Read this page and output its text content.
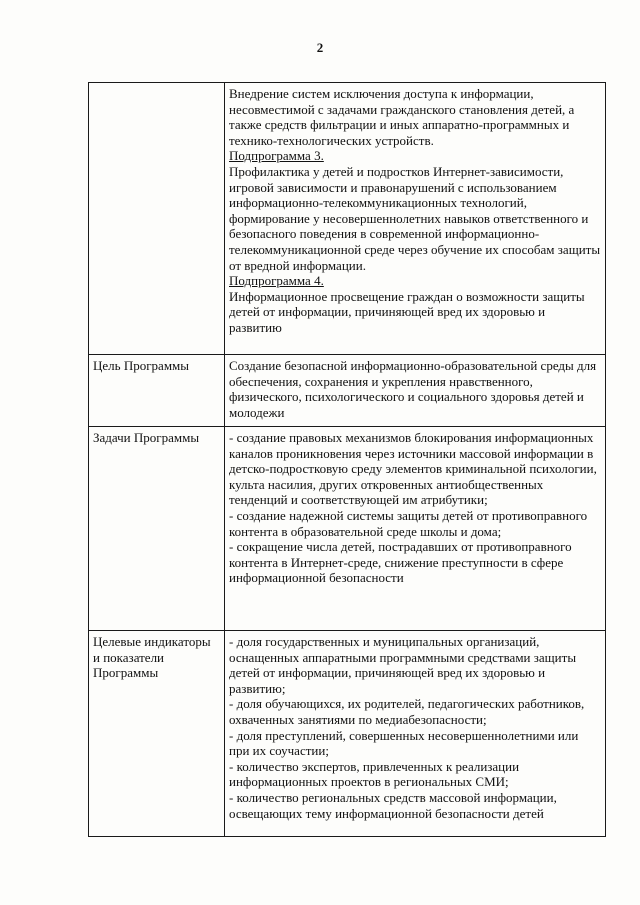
2

	Внедрение систем исключения доступа к информации, несовместимой с задачами гражданского становления детей, а также средств фильтрации и иных аппаратно-программных и технико-технологических устройств.
Подпрограмма 3.
Профилактика у детей и подростков Интернет-зависимости, игровой зависимости и правонарушений с использованием информационно-телекоммуникационных технологий, формирование у несовершеннолетних навыков ответственного и безопасного поведения в современной информационно-телекоммуникационной среде через обучение их способам защиты от вредной информации.
Подпрограмма 4.
Информационное просвещение граждан о возможности защиты детей от информации, причиняющей вред их здоровью и развитию

Цель Программы	Создание безопасной информационно-образовательной среды для обеспечения, сохранения и укрепления нравственного, физического, психологического и социального здоровья детей и молодежи

Задачи Программы	- создание правовых механизмов блокирования информационных каналов проникновения через источники массовой информации в детско-подростковую среду элементов криминальной психологии, культа насилия, других откровенных антиобщественных тенденций и соответствующей им атрибутики;
- создание надежной системы защиты детей от противоправного контента в образовательной среде школы и дома;
- сокращение числа детей, пострадавших от противоправного контента в Интернет-среде, снижение преступности в сфере информационной безопасности

Целевые индикаторы и показатели Программы	- доля государственных и муниципальных организаций, оснащенных аппаратными программными средствами защиты детей от информации, причиняющей вред их здоровью и развитию;
- доля обучающихся, их родителей, педагогических работников, охваченных занятиями по медиабезопасности;
- доля преступлений, совершенных несовершеннолетними или при их соучастии;
- количество экспертов, привлеченных к реализации информационных проектов в региональных СМИ;
- количество региональных средств массовой информации, освещающих тему информационной безопасности детей
